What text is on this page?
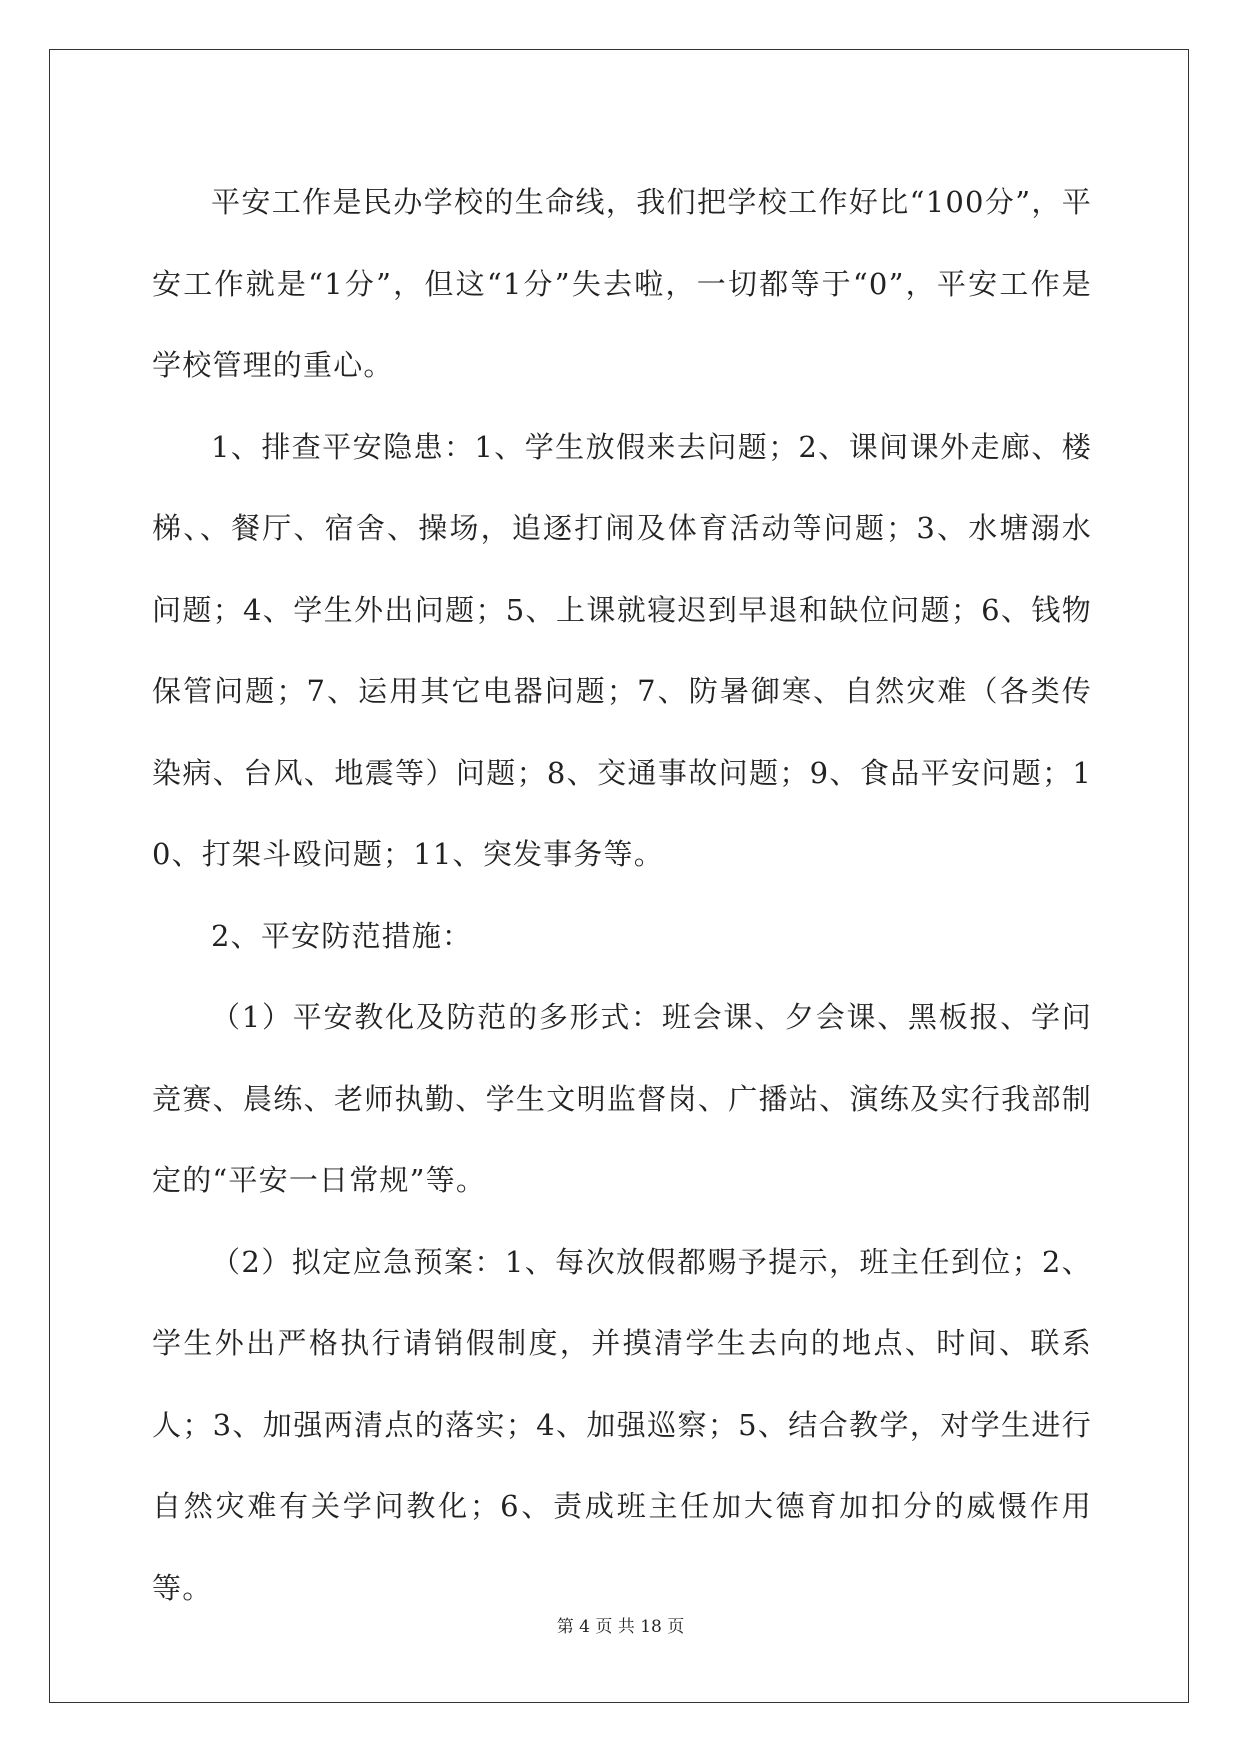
平安工作是民办学校的生命线，我们把学校工作好比“100分”，平安工作就是“1分”，但这“1分”失去啦，一切都等于“0”，平安工作是学校管理的重心。

1、排查平安隐患：1、学生放假来去问题；2、课间课外走廊、楼梯、、餐厅、宿舍、操场，追逐打闹及体育活动等问题；3、水塘溺水问题；4、学生外出问题；5、上课就寝迟到早退和缺位问题；6、钱物保管问题；7、运用其它电器问题；7、防暑御寒、自然灾难（各类传染病、台风、地震等）问题；8、交通事故问题；9、食品平安问题；10、打架斗殴问题；11、突发事务等。

2、平安防范措施：

（1）平安教化及防范的多形式：班会课、夕会课、黑板报、学问竞赛、晨练、老师执勤、学生文明监督岗、广播站、演练及实行我部制定的“平安一日常规”等。

（2）拟定应急预案：1、每次放假都赐予提示，班主任到位；2、学生外出严格执行请销假制度，并摸清学生去向的地点、时间、联系人；3、加强两清点的落实；4、加强巡察；5、结合教学，对学生进行自然灾难有关学问教化；6、责成班主任加大德育加扣分的威慑作用等。

第 4 页 共 18 页
